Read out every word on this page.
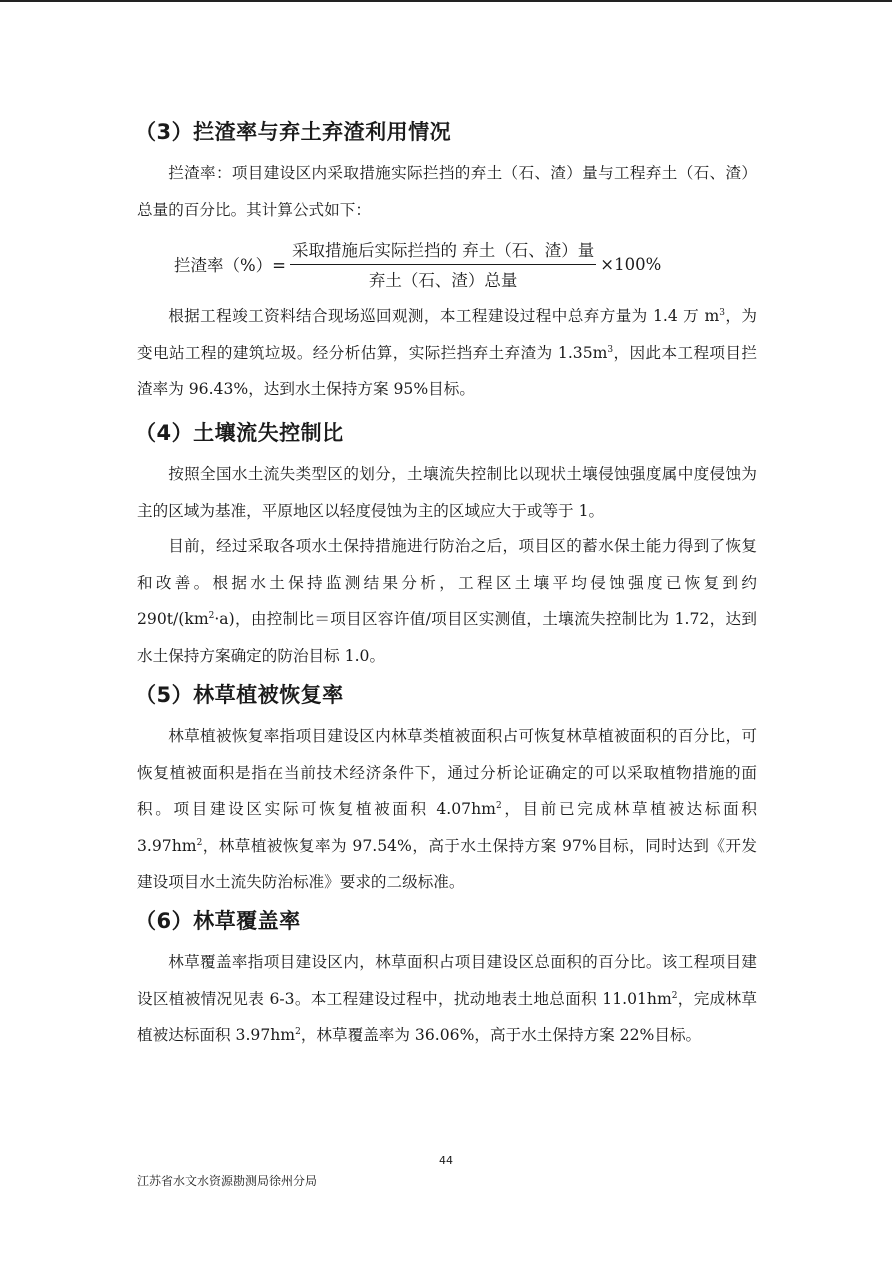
（3）拦渣率与弃土弃渣利用情况

拦渣率：项目建设区内采取措施实际拦挡的弃土（石、渣）量与工程弃土（石、渣）总量的百分比。其计算公式如下：

拦渣率（%）= $\frac{\text{采取措施后实际拦挡的 弃土（石、渣）量}}{\text{弃土（石、渣）总量}} \times 100\%$

根据工程竣工资料结合现场巡回观测，本工程建设过程中总弃方量为 1.4 万 $m^3$，为变电站工程的建筑垃圾。经分析估算，实际拦挡弃土弃渣为 $1.35m^3$，因此本工程项目拦渣率为 96.43%，达到水土保持方案 95%目标。

（4）土壤流失控制比

按照全国水土流失类型区的划分，土壤流失控制比以现状土壤侵蚀强度属中度侵蚀为主的区域为基准，平原地区以轻度侵蚀为主的区域应大于或等于 1。

目前，经过采取各项水土保持措施进行防治之后，项目区的蓄水保土能力得到了恢复和改善。根据水土保持监测结果分析，工程区土壤平均侵蚀强度已恢复到约 $290t/(km^2\cdot a)$，由控制比＝项目区容许值/项目区实测值，土壤流失控制比为 1.72，达到水土保持方案确定的防治目标 1.0。

（5）林草植被恢复率

林草植被恢复率指项目建设区内林草类植被面积占可恢复林草植被面积的百分比，可恢复植被面积是指在当前技术经济条件下，通过分析论证确定的可以采取植物措施的面积。项目建设区实际可恢复植被面积 $4.07hm^2$，目前已完成林草植被达标面积 $3.97hm^2$，林草植被恢复率为 97.54%，高于水土保持方案 97%目标，同时达到《开发建设项目水土流失防治标准》要求的二级标准。

（6）林草覆盖率

林草覆盖率指项目建设区内，林草面积占项目建设区总面积的百分比。该工程项目建设区植被情况见表 6-3。本工程建设过程中，扰动地表土地总面积 $11.01hm^2$，完成林草植被达标面积 $3.97hm^2$，林草覆盖率为 36.06%，高于水土保持方案 22%目标。

44
江苏省水文水资源勘测局徐州分局
